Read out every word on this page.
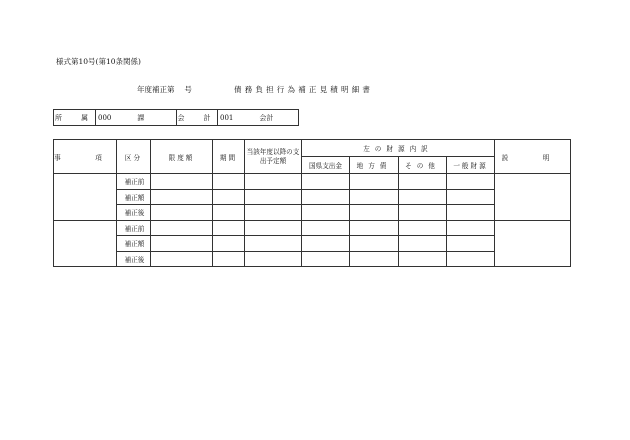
様式第10号(第10条関係)
年度補正第　 号	債務負担行為補正見積明細書
所　属	000	課	会　計	001	会計
事　項	区分	限度額	期間	当該年度以降の支出予定額	左の財源内訳				説　明
					国県支出金	地方債	その他	一般財源	
	補正前								
	補正額								
	補正後								
	補正前								
	補正額								
	補正後								
